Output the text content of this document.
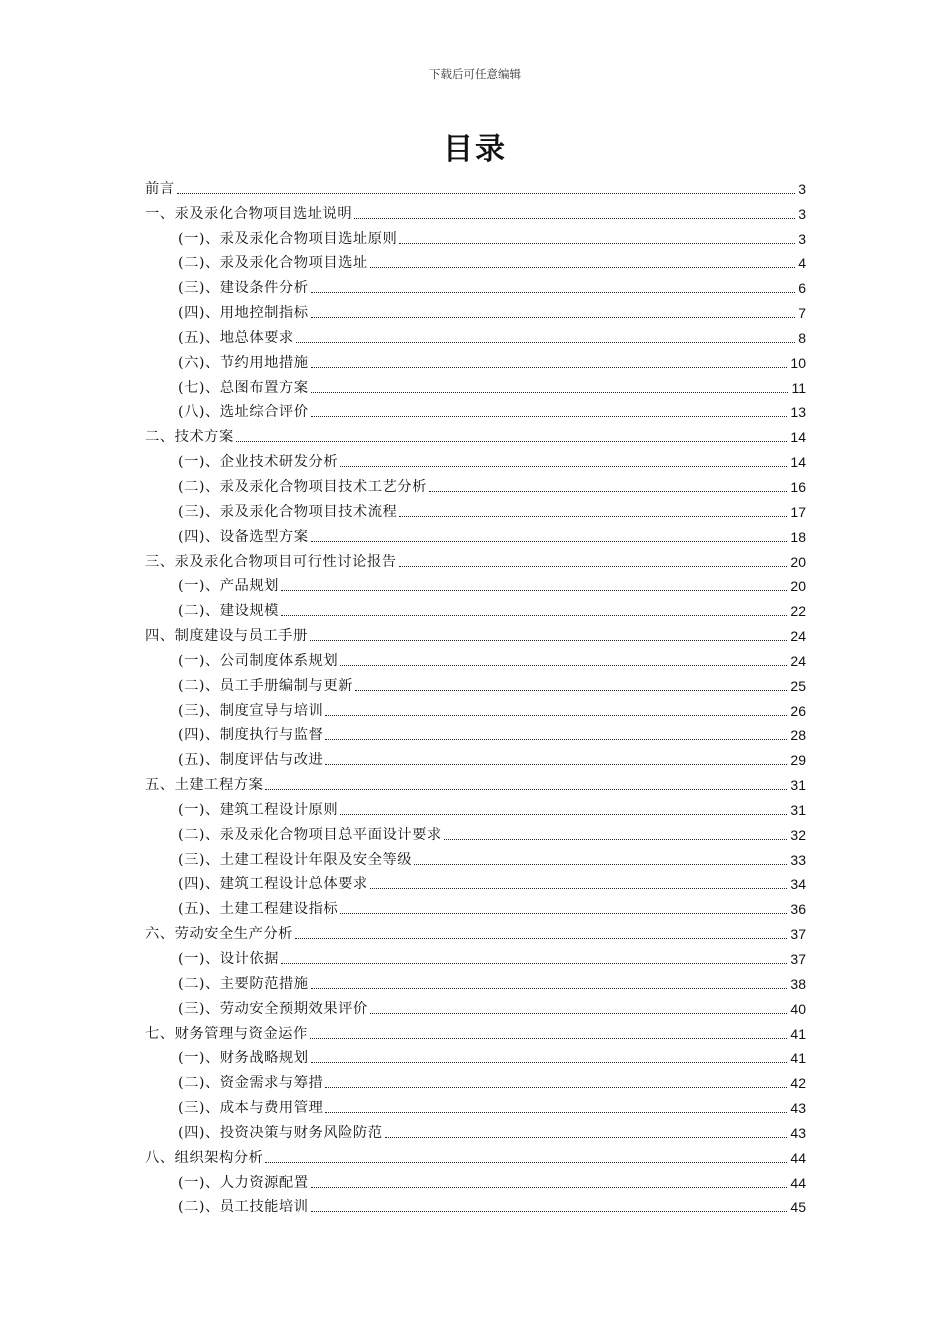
下载后可任意编辑
目录
前言	3
一、汞及汞化合物项目选址说明	3
(一)、汞及汞化合物项目选址原则	3
(二)、汞及汞化合物项目选址	4
(三)、建设条件分析	6
(四)、用地控制指标	7
(五)、地总体要求	8
(六)、节约用地措施	10
(七)、总图布置方案	11
(八)、选址综合评价	13
二、技术方案	14
(一)、企业技术研发分析	14
(二)、汞及汞化合物项目技术工艺分析	16
(三)、汞及汞化合物项目技术流程	17
(四)、设备选型方案	18
三、汞及汞化合物项目可行性讨论报告	20
(一)、产品规划	20
(二)、建设规模	22
四、制度建设与员工手册	24
(一)、公司制度体系规划	24
(二)、员工手册编制与更新	25
(三)、制度宣导与培训	26
(四)、制度执行与监督	28
(五)、制度评估与改进	29
五、土建工程方案	31
(一)、建筑工程设计原则	31
(二)、汞及汞化合物项目总平面设计要求	32
(三)、土建工程设计年限及安全等级	33
(四)、建筑工程设计总体要求	34
(五)、土建工程建设指标	36
六、劳动安全生产分析	37
(一)、设计依据	37
(二)、主要防范措施	38
(三)、劳动安全预期效果评价	40
七、财务管理与资金运作	41
(一)、财务战略规划	41
(二)、资金需求与筹措	42
(三)、成本与费用管理	43
(四)、投资决策与财务风险防范	43
八、组织架构分析	44
(一)、人力资源配置	44
(二)、员工技能培训	45
